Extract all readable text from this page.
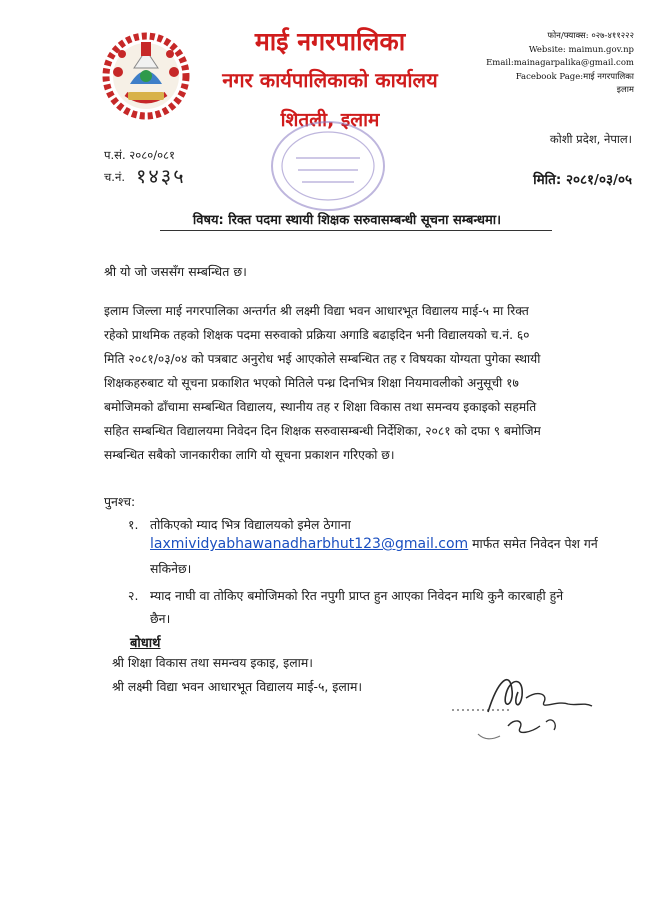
माई नगरपालिका
नगर कार्यपालिकाको कार्यालय
शितली, इलाम
फोन/फ्याक्स: ०२७-४११२२२
Website: maimun.gov.np
Email:mainagarpalika@gmail.com
Facebook Page:माई नगरपालिका
इलाम
कोशी प्रदेश, नेपाल।
प.सं. २०८०/०८१
च.नं. १४३५	मिति: २०८१/०३/०५
विषय: रिक्त पदमा स्थायी शिक्षक सरुवासम्बन्धी सूचना सम्बन्धमा।
श्री यो जो जससँग सम्बन्धित छ।
इलाम जिल्ला माई नगरपालिका अन्तर्गत श्री लक्ष्मी विद्या भवन आधारभूत विद्यालय माई-५ मा रिक्त
रहेको प्राथमिक तहको शिक्षक पदमा सरुवाको प्रक्रिया अगाडि बढाइदिन भनी विद्यालयको च.नं. ६०
मिति २०८१/०३/०४ को पत्रबाट अनुरोध भई आएकोले सम्बन्धित तह र विषयका योग्यता पुगेका स्थायी
शिक्षकहरुबाट यो सूचना प्रकाशित भएको मितिले पन्ध्र दिनभित्र शिक्षा नियमावलीको अनुसूची १७
बमोजिमको ढाँचामा सम्बन्धित विद्यालय, स्थानीय तह र शिक्षा विकास तथा समन्वय इकाइको सहमति
सहित सम्बन्धित विद्यालयमा निवेदन दिन शिक्षक सरुवासम्बन्धी निर्देशिका, २०८१ को दफा ९ बमोजिम
सम्बन्धित सबैको जानकारीका लागि यो सूचना प्रकाशन गरिएको छ।
पुनश्च:
१. तोकिएको म्याद भित्र विद्यालयको इमेल ठेगाना
laxmividyabhawanadharbhut123@gmail.com मार्फत समेत निवेदन पेश गर्न
सकिनेछ।
२. म्याद नाघी वा तोकिए बमोजिमको रित नपुगी प्राप्त हुन आएका निवेदन माथि कुनै कारबाही हुने
छैन।
बोधार्थ
श्री शिक्षा विकास तथा समन्वय इकाइ, इलाम।
श्री लक्ष्मी विद्या भवन आधारभूत विद्यालय माई-५, इलाम।
